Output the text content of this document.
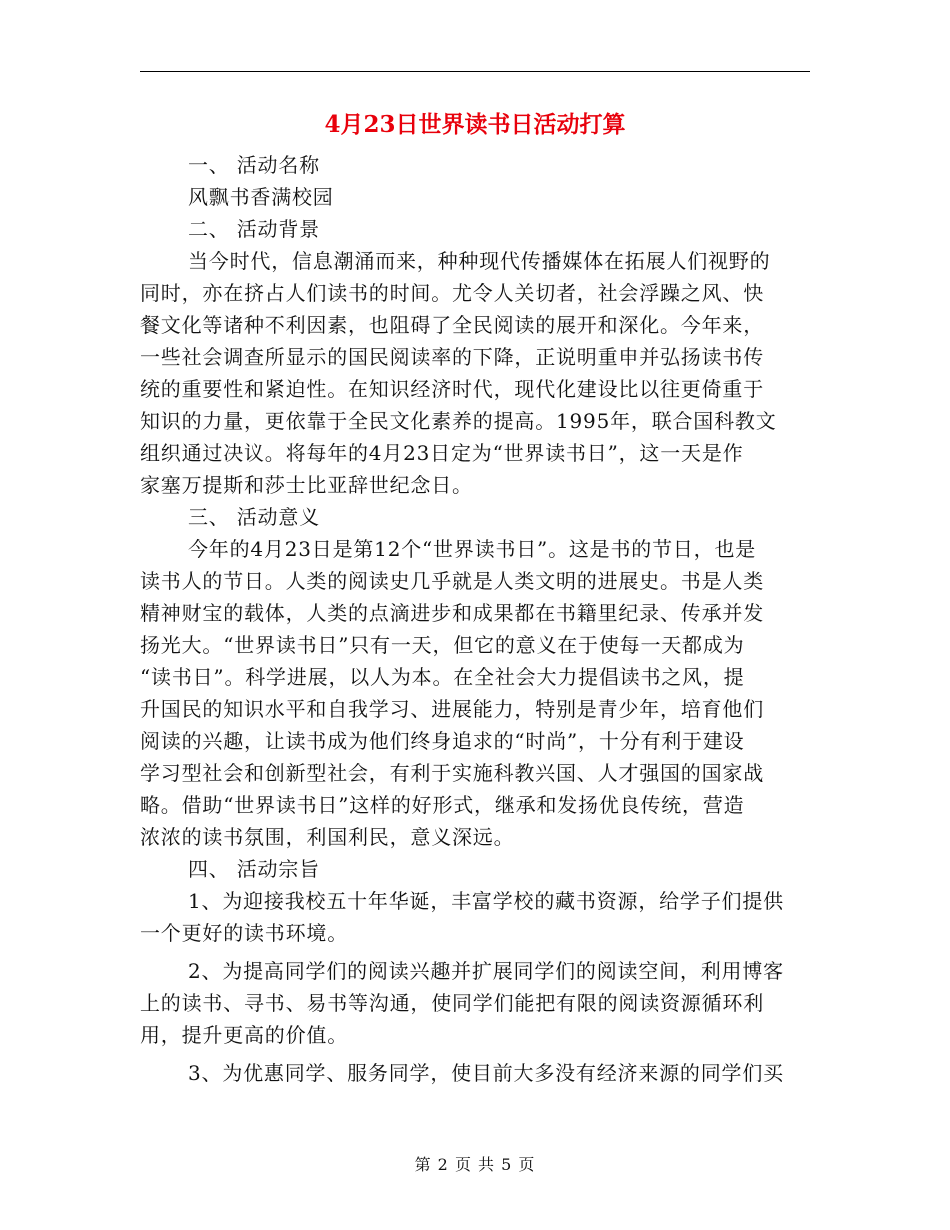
4月23日世界读书日活动打算

一、 活动名称

风飘书香满校园

二、 活动背景

当今时代，信息潮涌而来，种种现代传播媒体在拓展人们视野的

同时，亦在挤占人们读书的时间。尤令人关切者，社会浮躁之风、快

餐文化等诸种不利因素，也阻碍了全民阅读的展开和深化。今年来，

一些社会调查所显示的国民阅读率的下降，正说明重申并弘扬读书传

统的重要性和紧迫性。在知识经济时代，现代化建设比以往更倚重于

知识的力量，更依靠于全民文化素养的提高。1995年，联合国科教文

组织通过决议。将每年的4月23日定为“世界读书日”，这一天是作

家塞万提斯和莎士比亚辞世纪念日。

三、 活动意义

今年的4月23日是第12个“世界读书日”。这是书的节日，也是

读书人的节日。人类的阅读史几乎就是人类文明的进展史。书是人类

精神财宝的载体，人类的点滴进步和成果都在书籍里纪录、传承并发

扬光大。“世界读书日”只有一天，但它的意义在于使每一天都成为

“读书日”。科学进展，以人为本。在全社会大力提倡读书之风，提

升国民的知识水平和自我学习、进展能力，特别是青少年，培育他们

阅读的兴趣，让读书成为他们终身追求的“时尚”，十分有利于建设

学习型社会和创新型社会，有利于实施科教兴国、人才强国的国家战

略。借助“世界读书日”这样的好形式，继承和发扬优良传统，营造

浓浓的读书氛围，利国利民，意义深远。

四、 活动宗旨

1、为迎接我校五十年华诞，丰富学校的藏书资源，给学子们提供

一个更好的读书环境。

2、为提高同学们的阅读兴趣并扩展同学们的阅读空间，利用博客

上的读书、寻书、易书等沟通，使同学们能把有限的阅读资源循环利

用，提升更高的价值。

3、为优惠同学、服务同学，使目前大多没有经济来源的同学们买

第 2 页 共 5 页
